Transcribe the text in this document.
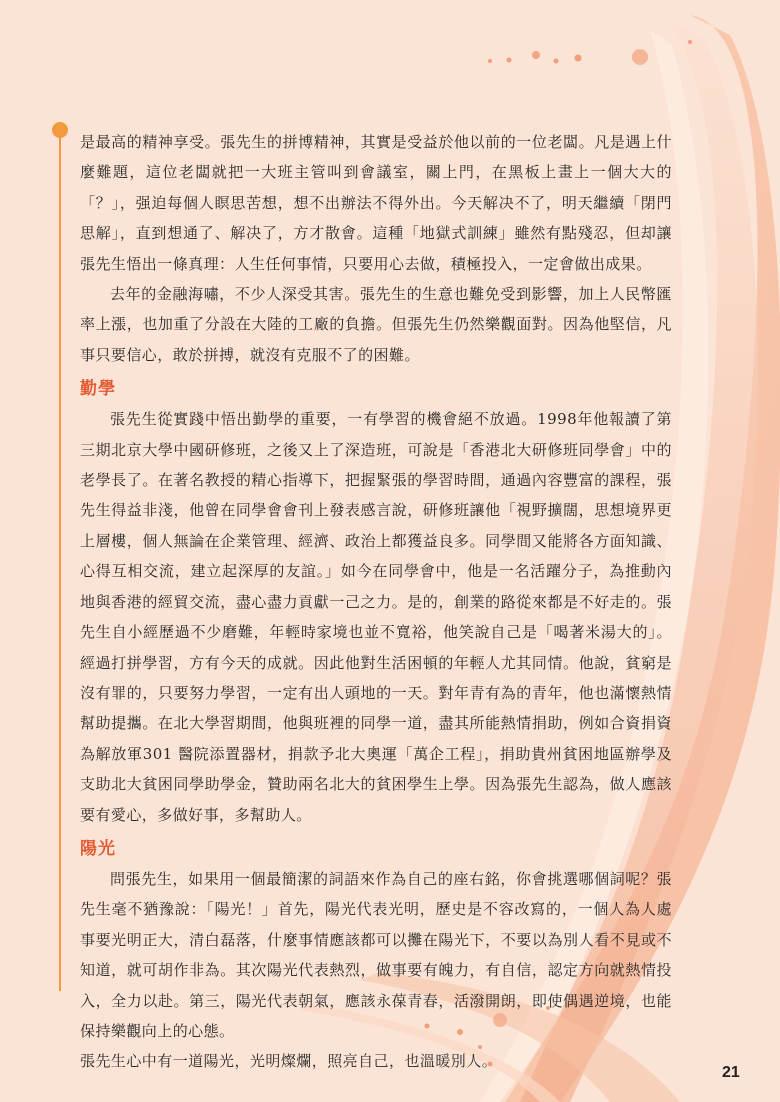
是最高的精神享受。張先生的拼博精神，其實是受益於他以前的一位老闆。凡是遇上什麼難題，這位老闆就把一大班主管叫到會議室，關上門，在黑板上畫上一個大大的「？」，强迫每個人瞑思苦想，想不出辦法不得外出。今天解决不了，明天繼續「閉門思解」，直到想通了、解决了，方才散會。這種「地獄式訓練」雖然有點殘忍，但却讓張先生悟出一條真理：人生任何事情，只要用心去做，積極投入，一定會做出成果。

去年的金融海嘯，不少人深受其害。張先生的生意也難免受到影響，加上人民幣匯率上漲，也加重了分設在大陸的工廠的負擔。但張先生仍然樂觀面對。因為他堅信，凡事只要信心，敢於拼搏，就沒有克服不了的困難。

勤學

張先生從實踐中悟出勤學的重要，一有學習的機會絕不放過。1998年他報讀了第三期北京大學中國研修班，之後又上了深造班，可說是「香港北大研修班同學會」中的老學長了。在著名教授的精心指導下，把握緊張的學習時間，通過內容豐富的課程，張先生得益非淺，他曾在同學會會刊上發表感言說，研修班讓他「視野擴闊，思想境界更上層樓，個人無論在企業管理、經濟、政治上都獲益良多。同學間又能將各方面知識、心得互相交流，建立起深厚的友誼。」如今在同學會中，他是一名活躍分子，為推動內地與香港的經貿交流，盡心盡力貢獻一己之力。是的，創業的路從來都是不好走的。張先生自小經歷過不少磨難，年輕時家境也並不寬裕，他笑說自己是「喝著米湯大的」。經過打拼學習，方有今天的成就。因此他對生活困頓的年輕人尤其同情。他說，貧窮是沒有罪的，只要努力學習，一定有出人頭地的一天。對年青有為的青年，他也滿懷熱情幫助提攜。在北大學習期間，他與班裡的同學一道，盡其所能熱情捐助，例如合資捐資為解放軍301 醫院添置器材，捐款予北大奧運「萬企工程」，捐助貴州貧困地區辦學及支助北大貧困同學助學金，贊助兩名北大的貧困學生上學。因為張先生認為，做人應該要有愛心，多做好事，多幫助人。

陽光

問張先生，如果用一個最簡潔的詞語來作為自己的座右銘，你會挑選哪個詞呢？張先生毫不猶豫說：「陽光！」首先，陽光代表光明，歷史是不容改寫的，一個人為人處事要光明正大，清白磊落，什麼事情應該都可以攤在陽光下，不要以為別人看不見或不知道，就可胡作非為。其次陽光代表熱烈，做事要有魄力，有自信，認定方向就熱情投入，全力以赴。第三，陽光代表朝氣，應該永葆青春，活潑開朗，即使偶遇逆境，也能保持樂觀向上的心態。

張先生心中有一道陽光，光明燦爛，照亮自己，也溫暖別人。

21
